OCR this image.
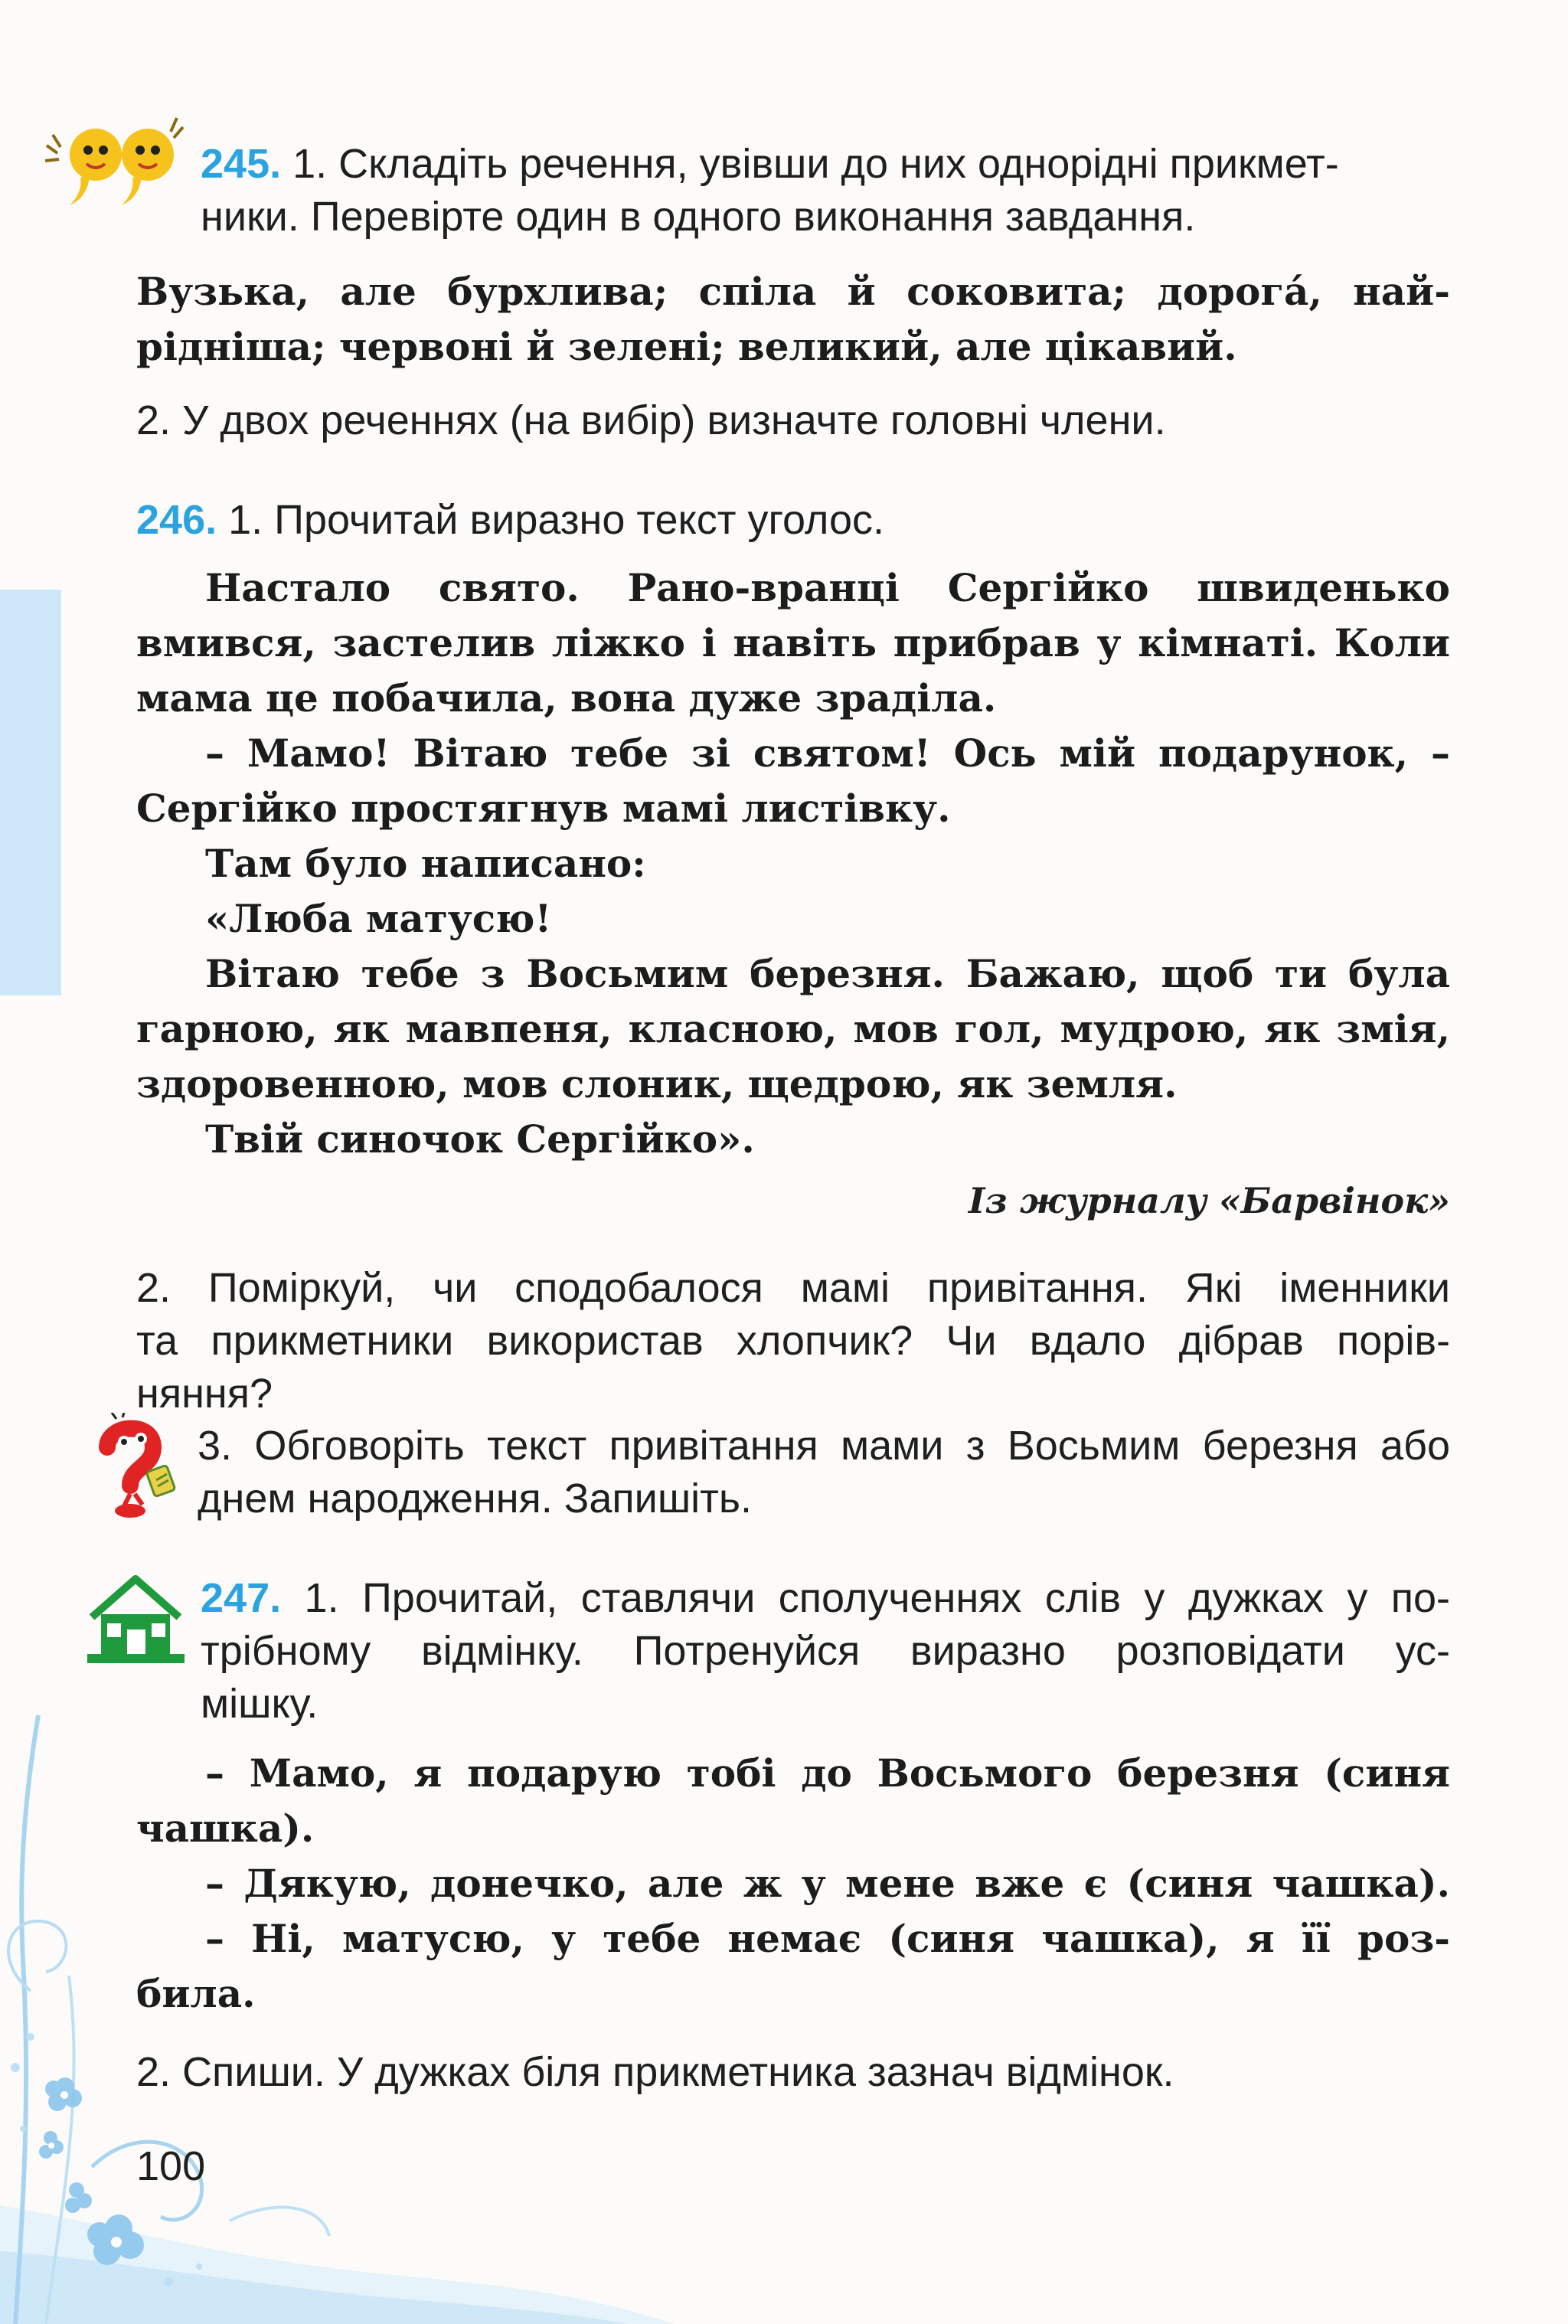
245. 1. Складіть речення, увівши до них однорідні прикмет-
ники. Перевірте один в одного виконання завдання.
Вузька, але бурхлива; спіла й соковита; дорога́, най-
рідніша; червоні й зелені; великий, але цікавий.
2. У двох реченнях (на вибір) визначте головні члени.
246. 1. Прочитай виразно текст уголос.
Настало свято. Рано-вранці Сергійко швиденько
вмився, застелив ліжко і навіть прибрав у кімнаті. Коли
мама це побачила, вона дуже зраділа.
– Мамо! Вітаю тебе зі святом! Ось мій подарунок, –
Сергійко простягнув мамі листівку.
Там було написано:
«Люба матусю!
Вітаю тебе з Восьмим березня. Бажаю, щоб ти була
гарною, як мавпеня, класною, мов гол, мудрою, як змія,
здоровенною, мов слоник, щедрою, як земля.
Твій синочок Сергійко».
Із журналу «Барвінок»
2. Поміркуй, чи сподобалося мамі привітання. Які іменники
та прикметники використав хлопчик? Чи вдало дібрав порів-
няння?
3. Обговоріть текст привітання мами з Восьмим березня або
днем народження. Запишіть.
247. 1. Прочитай, ставлячи сполученнях слів у дужках у по-
трібному відмінку. Потренуйся виразно розповідати ус-
мішку.
– Мамо, я подарую тобі до Восьмого березня (синя
чашка).
– Дякую, донечко, але ж у мене вже є (синя чашка).
– Ні, матусю, у тебе немає (синя чашка), я її роз-
била.
2. Спиши. У дужках біля прикметника зазнач відмінок.
100
